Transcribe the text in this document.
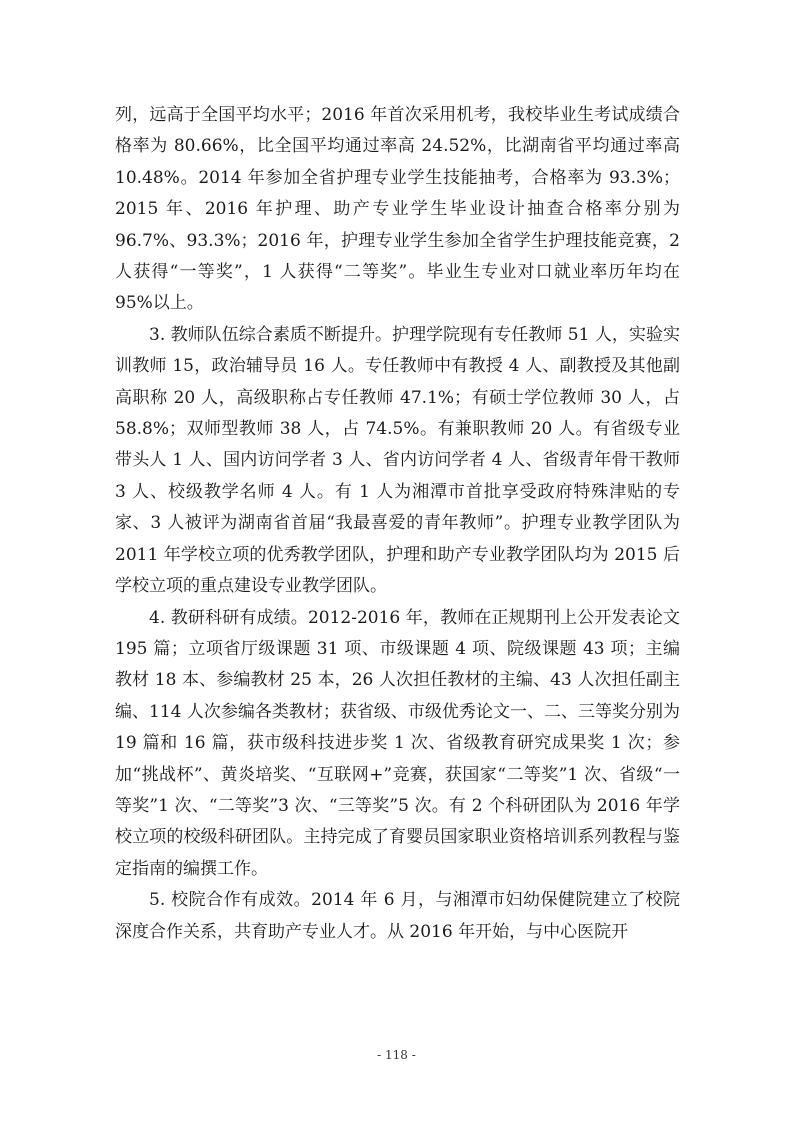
列，远高于全国平均水平；2016 年首次采用机考，我校毕业生考试成绩合格率为 80.66%，比全国平均通过率高 24.52%，比湖南省平均通过率高 10.48%。2014 年参加全省护理专业学生技能抽考，合格率为 93.3%；2015 年、2016 年护理、助产专业学生毕业设计抽查合格率分别为 96.7%、93.3%；2016 年，护理专业学生参加全省学生护理技能竞赛，2 人获得“一等奖”，1 人获得“二等奖”。毕业生专业对口就业率历年均在 95%以上。

3. 教师队伍综合素质不断提升。护理学院现有专任教师 51 人，实验实训教师 15，政治辅导员 16 人。专任教师中有教授 4 人、副教授及其他副高职称 20 人，高级职称占专任教师 47.1%；有硕士学位教师 30 人，占 58.8%；双师型教师 38 人，占 74.5%。有兼职教师 20 人。有省级专业带头人 1 人、国内访问学者 3 人、省内访问学者 4 人、省级青年骨干教师 3 人、校级教学名师 4 人。有 1 人为湘潭市首批享受政府特殊津贴的专家、3 人被评为湖南省首届“我最喜爱的青年教师”。护理专业教学团队为 2011 年学校立项的优秀教学团队，护理和助产专业教学团队均为 2015 后学校立项的重点建设专业教学团队。

4. 教研科研有成绩。2012-2016 年，教师在正规期刊上公开发表论文 195 篇；立项省厅级课题 31 项、市级课题 4 项、院级课题 43 项；主编教材 18 本、参编教材 25 本，26 人次担任教材的主编、43 人次担任副主编、114 人次参编各类教材；获省级、市级优秀论文一、二、三等奖分别为 19 篇和 16 篇，获市级科技进步奖 1 次、省级教育研究成果奖 1 次；参加“挑战杯”、黄炎培奖、“互联网+”竞赛，获国家“二等奖”1 次、省级“一等奖”1 次、“二等奖”3 次、“三等奖”5 次。有 2 个科研团队为 2016 年学校立项的校级科研团队。主持完成了育婴员国家职业资格培训系列教程与鉴定指南的编撰工作。

5. 校院合作有成效。2014 年 6 月，与湘潭市妇幼保健院建立了校院深度合作关系，共育助产专业人才。从 2016 年开始，与中心医院开

- 118 -
